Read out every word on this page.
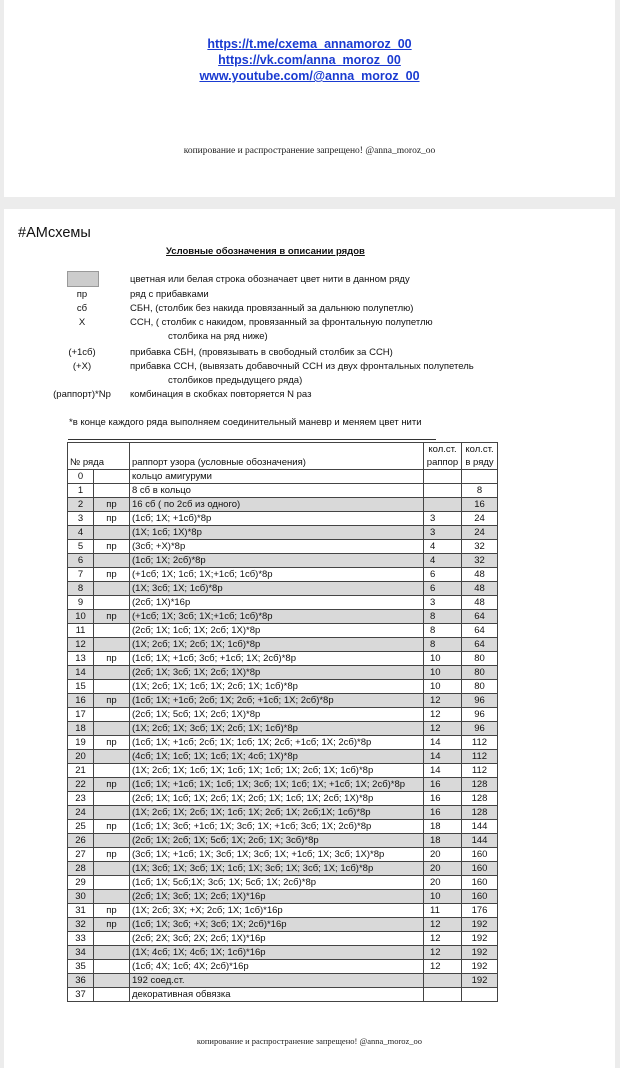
https://t.me/cxema_annamoroz_00
https://vk.com/anna_moroz_00
www.youtube.com/@anna_moroz_00
копирование и распространение запрещено! @anna_moroz_oo
#АМсхемы
Условные обозначения в описании рядов
цветная или белая строка обозначает цвет нити в данном ряду
пр	ряд с прибавками
сб	СБН, (столбик без накида провязанный за дальнюю полупетлю)
Х	ССН, ( столбик с накидом, провязанный за фронтальную полупетлю
столбика на ряд ниже)
(+1сб)	прибавка СБН, (провязывать в свободный столбик за ССН)
(+Х)	прибавка ССН, (вывязать добавочный ССН из двух фронтальных полупетель
столбиков предыдущего ряда)
(раппорт)*Nр	комбинация в скобках повторяется N раз
*в конце каждого ряда выполняем соединительный маневр и меняем цвет нити
			кол.ст.	кол.ст.
№ ряда		раппорт узора (условные обозначения)	раппор	в ряду
0		кольцо амигуруми		
1		8 сб в кольцо		8
2	пр	16 сб ( по 2сб из одного)		16
3	пр	(1сб; 1Х; +1сб)*8р	3	24
4		(1Х; 1сб; 1Х)*8р	3	24
5	пр	(3сб; +Х)*8р	4	32
6		(1сб; 1Х; 2сб)*8р	4	32
7	пр	(+1сб; 1Х; 1сб; 1Х;+1сб; 1сб)*8р	6	48
8		(1Х; 3сб; 1Х; 1сб)*8р	6	48
9		(2сб; 1Х)*16р	3	48
10	пр	(+1сб; 1Х; 3сб; 1Х;+1сб; 1сб)*8р	8	64
11		(2сб; 1Х; 1сб; 1Х; 2сб; 1Х)*8р	8	64
12		(1Х; 2сб; 1Х; 2сб; 1Х; 1сб)*8р	8	64
13	пр	(1сб; 1Х; +1сб; 3сб; +1сб; 1Х; 2сб)*8р	10	80
14		(2сб; 1Х; 3сб; 1Х; 2сб; 1Х)*8р	10	80
15		(1Х; 2сб; 1Х; 1сб; 1Х; 2сб; 1Х; 1сб)*8р	10	80
16	пр	(1сб; 1Х; +1сб; 2сб; 1Х; 2сб; +1сб; 1Х; 2сб)*8р	12	96
17		(2сб; 1Х; 5сб; 1Х; 2сб; 1Х)*8р	12	96
18		(1Х; 2сб; 1Х; 3сб; 1Х; 2сб; 1Х; 1сб)*8р	12	96
19	пр	(1сб; 1Х; +1сб; 2сб; 1Х; 1сб; 1Х; 2сб; +1сб; 1Х; 2сб)*8р	14	112
20		(4сб; 1Х; 1сб; 1Х; 1сб; 1Х; 4сб; 1Х)*8р	14	112
21		(1Х; 2сб; 1Х; 1сб; 1Х; 1сб; 1Х; 1сб; 1Х; 2сб; 1Х; 1сб)*8р	14	112
22	пр	(1сб; 1Х; +1сб; 1Х; 1сб; 1Х; 3сб; 1Х; 1сб; 1Х; +1сб; 1Х; 2сб)*8р	16	128
23		(2сб; 1Х; 1сб; 1Х; 2сб; 1Х; 2сб; 1Х; 1сб; 1Х; 2сб; 1Х)*8р	16	128
24		(1Х; 2сб; 1Х; 2сб; 1Х; 1сб; 1Х; 2сб; 1Х; 2сб;1Х; 1сб)*8р	16	128
25	пр	(1сб; 1Х; 3сб; +1сб; 1Х; 3сб; 1Х; +1сб; 3сб; 1Х; 2сб)*8р	18	144
26		(2сб; 1Х; 2сб; 1Х; 5сб; 1Х; 2сб; 1Х; 3сб)*8р	18	144
27	пр	(3сб; 1Х; +1сб; 1Х; 3сб; 1Х; 3сб; 1Х; +1сб; 1Х; 3сб; 1Х)*8р	20	160
28		(1Х; 3сб; 1Х; 3сб; 1Х; 1сб; 1Х; 3сб; 1Х; 3сб; 1Х; 1сб)*8р	20	160
29		(1сб; 1Х; 5сб;1Х; 3сб; 1Х; 5сб; 1Х; 2сб)*8р	20	160
30		(2сб; 1Х; 3сб; 1Х; 2сб; 1Х)*16р	10	160
31	пр	(1Х; 2сб; 3Х; +Х; 2сб; 1Х; 1сб)*16р	11	176
32	пр	(1сб; 1Х; 3сб; +Х; 3сб; 1Х; 2сб)*16р	12	192
33		(2сб; 2Х; 3сб; 2Х; 2сб; 1Х)*16р	12	192
34		(1Х; 4сб; 1Х; 4сб; 1Х; 1сб)*16р	12	192
35		(1сб; 4Х; 1сб; 4Х; 2сб)*16р	12	192
36		192 соед.ст.		192
37		декоративная обвязка		
копирование и распространение запрещено! @anna_moroz_oo
